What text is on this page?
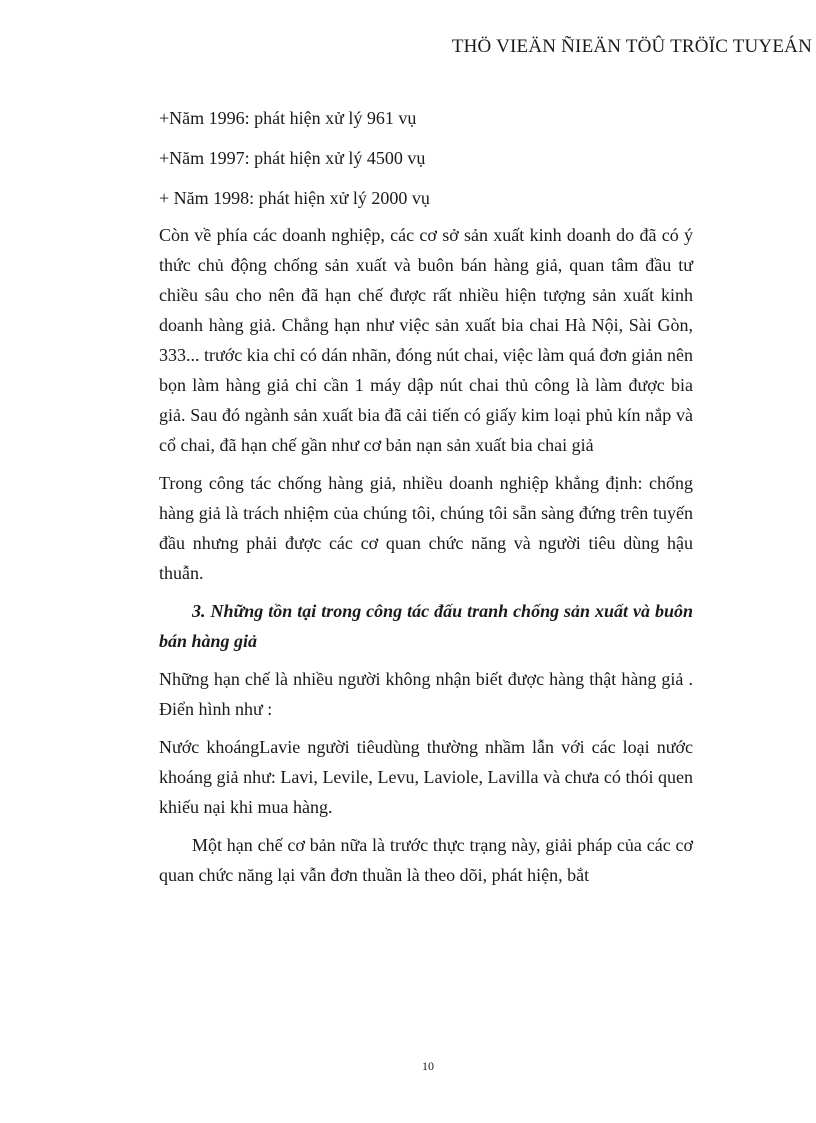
THÖ VIEÄN ÑIEÄN TÖÛ TRÖÏC TUYEÁN

+Năm 1996: phát hiện xử lý 961 vụ

+Năm 1997: phát hiện xử lý 4500 vụ

+ Năm 1998: phát hiện xử lý 2000 vụ

Còn về phía các doanh nghiệp, các cơ sở sản xuất kinh doanh do đã có ý thức chủ động chống sản xuất và buôn bán hàng giả, quan tâm đầu tư chiều sâu cho nên đã hạn chế được rất nhiều hiện tượng sản xuất kinh doanh hàng giả. Chẳng hạn như việc sản xuất bia chai Hà Nội, Sài Gòn, 333... trước kia chỉ có dán nhãn, đóng nút chai, việc làm quá đơn giản nên bọn làm hàng giả chỉ cần 1 máy dập nút chai thủ công là làm được bia giả. Sau đó ngành sản xuất bia đã cải tiến có giấy kim loại phủ kín nắp và cổ chai, đã hạn chế gần như cơ bản nạn sản xuất bia chai giả

Trong công tác chống hàng giả, nhiều doanh nghiệp khẳng định: chống hàng giả là trách nhiệm của chúng tôi, chúng tôi sẵn sàng đứng trên tuyến đầu nhưng phải được các cơ quan chức năng và người tiêu dùng hậu thuẫn.

3. Những tồn tại trong công tác đấu tranh chống sản xuất và buôn bán hàng giả

Những hạn chế là nhiều người không nhận biết được hàng thật hàng giả . Điển hình như :

Nước khoángLavie người tiêudùng thường nhầm lẫn với các loại nước khoáng giả như: Lavi, Levile, Levu, Laviole, Lavilla và chưa có thói quen khiếu nại khi mua hàng.

Một hạn chế cơ bản nữa là trước thực trạng này, giải pháp của các cơ quan chức năng lại vẫn đơn thuần là theo dõi, phát hiện, bắt

10
